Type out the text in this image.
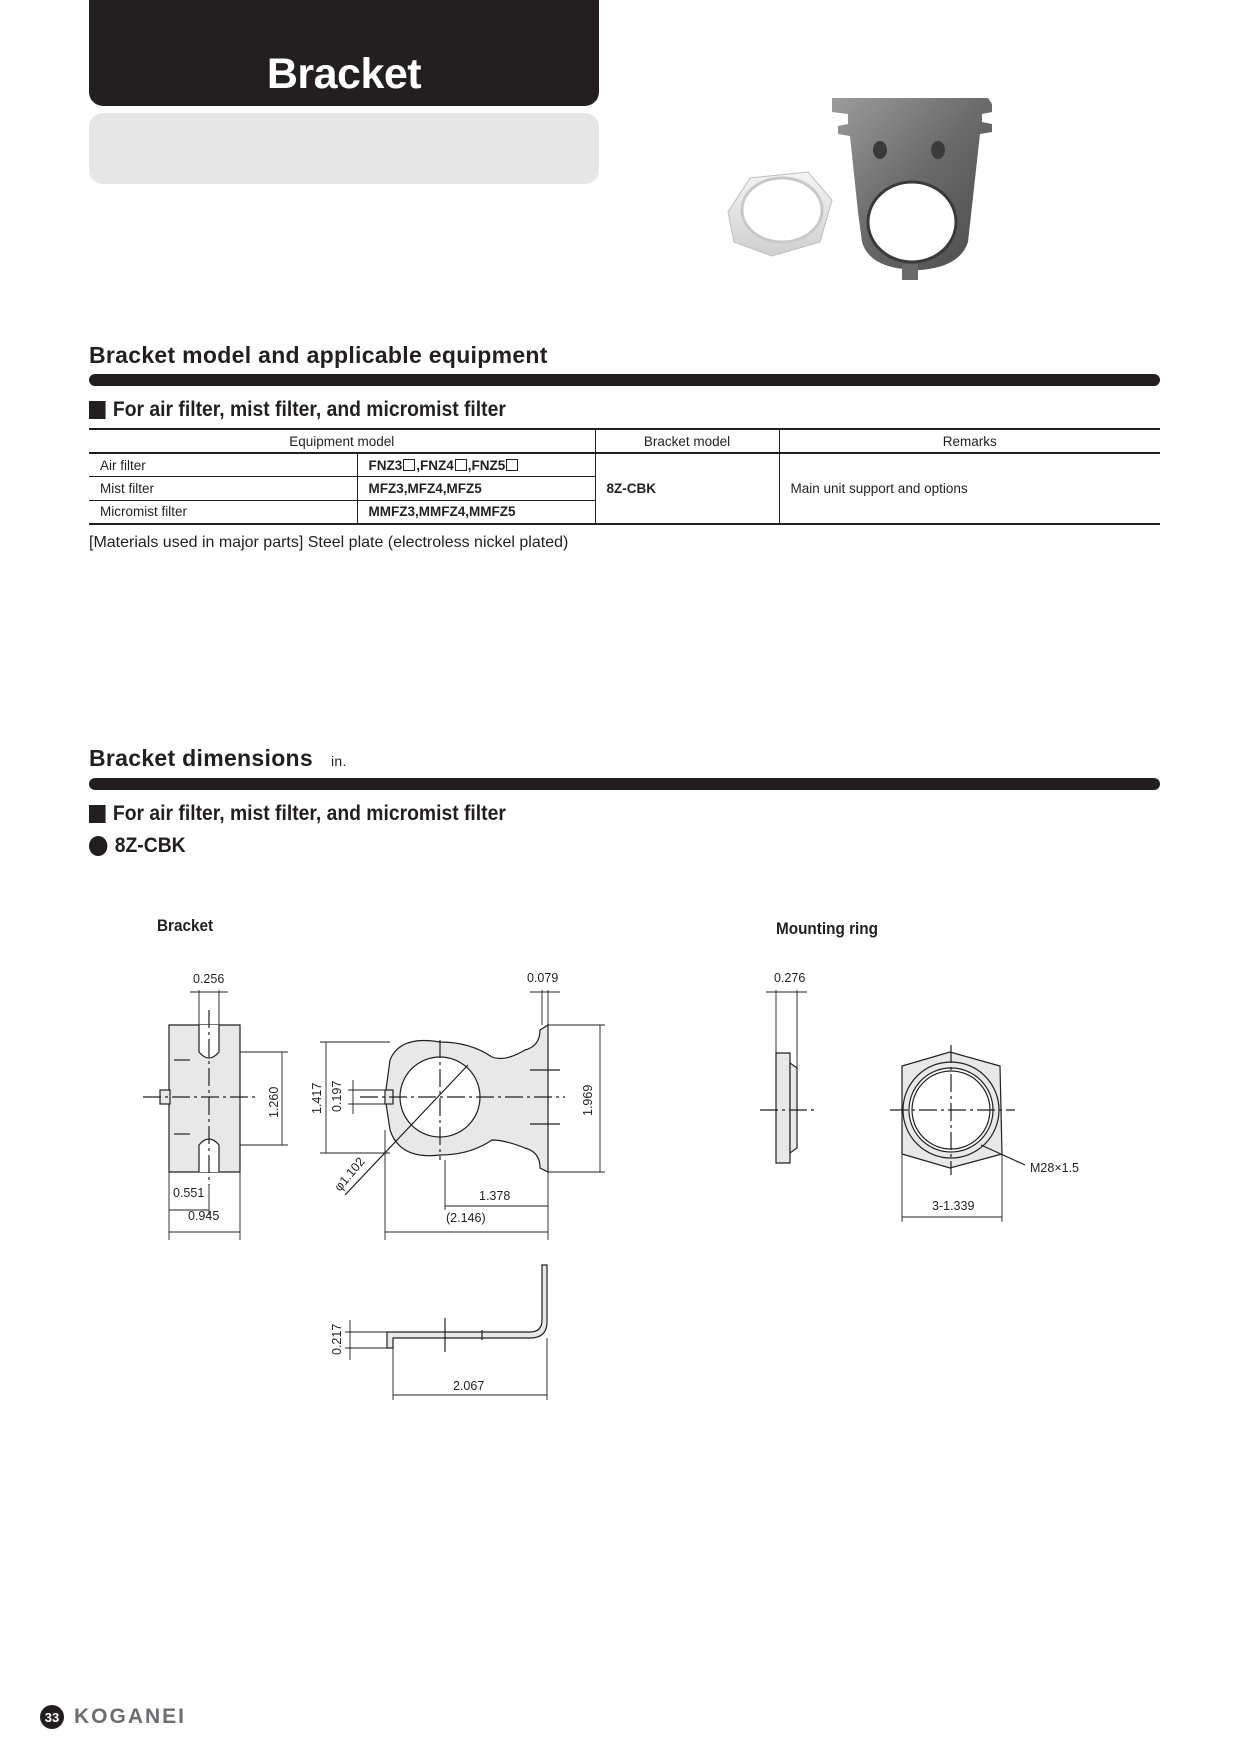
Bracket
Bracket model and applicable equipment
For air filter, mist filter, and micromist filter
Equipment model		Bracket model	Remarks
Air filter	FNZ3 ,FNZ4 ,FNZ5	8Z-CBK	Main unit support and options
Mist filter	MFZ3,MFZ4,MFZ5		
Micromist filter	MMFZ3,MMFZ4,MMFZ5		
[Materials used in major parts] Steel plate (electroless nickel plated)
Bracket dimensions in.
For air filter, mist filter, and micromist filter
8Z-CBK
Bracket	Mounting ring
0.256	0.079
1.260 1.417 0.197	1.969
0.551
0.945
φ1.102
1.378
(2.146)
0.217
2.067
0.276
M28×1.5
3-1.339
33 KOGANEI
